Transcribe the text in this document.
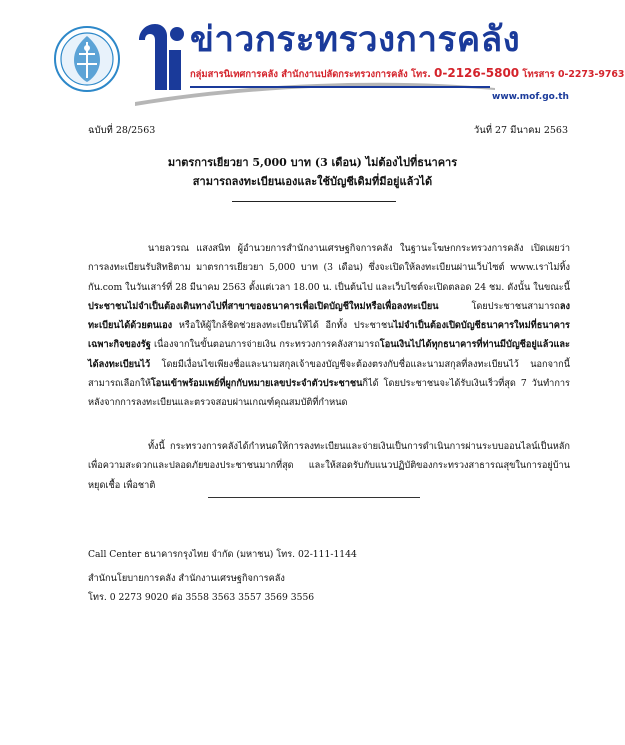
ข่าวกระทรวงการคลัง
กลุ่มสารนิเทศการคลัง สำนักงานปลัดกระทรวงการคลัง โทร. 0-2126-5800 โทรสาร 0-2273-9763
www.mof.go.th
ฉบับที่ 28/2563	วันที่ 27 มีนาคม 2563
มาตรการเยียวยา 5,000 บาท (3 เดือน) ไม่ต้องไปที่ธนาคาร
สามารถลงทะเบียนเองและใช้บัญชีเดิมที่มีอยู่แล้วได้
นายลวรณ แสงสนิท ผู้อำนวยการสำนักงานเศรษฐกิจการคลัง ในฐานะโฆษกกระทรวงการคลัง เปิดเผยว่า การลงทะเบียนรับสิทธิตาม มาตรการเยียวยา 5,000 บาท (3 เดือน) ซึ่งจะเปิดให้ลงทะเบียนผ่านเว็บไซต์ www.เราไม่ทิ้งกัน.com ในวันเสาร์ที่ 28 มีนาคม 2563 ตั้งแต่เวลา 18.00 น. เป็นต้นไป และเว็บไซต์จะเปิดตลอด 24 ชม. ดังนั้น ในขณะนี้ประชาชนไม่จำเป็นต้องเดินทางไปที่สาขาของธนาคารเพื่อเปิดบัญชีใหม่หรือเพื่อลงทะเบียน โดยประชาชนสามารถลงทะเบียนได้ด้วยตนเอง หรือให้ผู้ใกล้ชิดช่วยลงทะเบียนให้ได้ อีกทั้ง ประชาชนไม่จำเป็นต้องเปิดบัญชีธนาคารใหม่ที่ธนาคารเฉพาะกิจของรัฐ เนื่องจากในขั้นตอนการจ่ายเงิน กระทรวงการคลังสามารถโอนเงินไปได้ทุกธนาคารที่ท่านมีบัญชีอยู่แล้วและได้ลงทะเบียนไว้ โดยมีเงื่อนไขเพียงชื่อและนามสกุลเจ้าของบัญชีจะต้องตรงกับชื่อและนามสกุลที่ลงทะเบียนไว้ นอกจากนี้ สามารถเลือกให้โอนเข้าพร้อมเพย์ที่ผูกกับหมายเลขประจำตัวประชาชนก็ได้ โดยประชาชนจะได้รับเงินเร็วที่สุด 7 วันทำการหลังจากการลงทะเบียนและตรวจสอบผ่านเกณฑ์คุณสมบัติที่กำหนด
ทั้งนี้ กระทรวงการคลังได้กำหนดให้การลงทะเบียนและจ่ายเงินเป็นการดำเนินการผ่านระบบออนไลน์เป็นหลัก เพื่อความสะดวกและปลอดภัยของประชาชนมากที่สุด และให้สอดรับกับแนวปฏิบัติของกระทรวงสาธารณสุขในการอยู่บ้าน หยุดเชื้อ เพื่อชาติ
Call Center ธนาคารกรุงไทย จำกัด (มหาชน) โทร. 02-111-1144
สำนักนโยบายการคลัง สำนักงานเศรษฐกิจการคลัง
โทร. 0 2273 9020 ต่อ 3558 3563 3557 3569 3556
